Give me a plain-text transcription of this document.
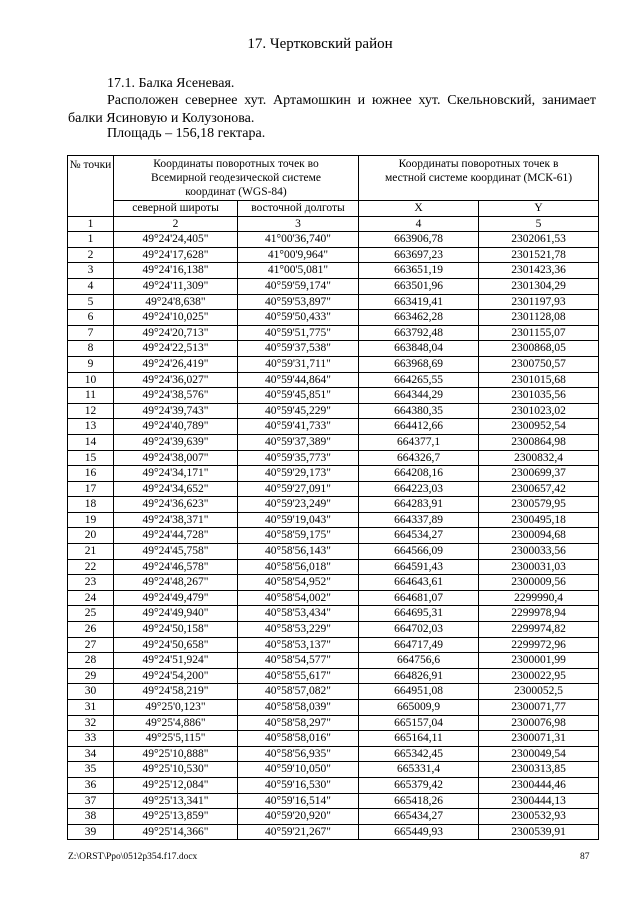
17. Чертковский район
17.1. Балка Ясеневая.
Расположен севернее хут. Артамошкин и южнее хут. Скельновский, занимает балки Ясиновую и Колузонова.
Площадь – 156,18 гектара.
№ точки	Координаты поворотных точек во Всемирной геодезической системе координат (WGS-84)		Координаты поворотных точек в местной системе координат (МСК-61)	
	северной широты	восточной долготы	X	Y
1	2	3	4	5
1	49°24'24,405"	41°00'36,740"	663906,78	2302061,53
2	49°24'17,628"	41°00'9,964"	663697,23	2301521,78
3	49°24'16,138"	41°00'5,081"	663651,19	2301423,36
4	49°24'11,309"	40°59'59,174"	663501,96	2301304,29
5	49°24'8,638"	40°59'53,897"	663419,41	2301197,93
6	49°24'10,025"	40°59'50,433"	663462,28	2301128,08
7	49°24'20,713"	40°59'51,775"	663792,48	2301155,07
8	49°24'22,513"	40°59'37,538"	663848,04	2300868,05
9	49°24'26,419"	40°59'31,711"	663968,69	2300750,57
10	49°24'36,027"	40°59'44,864"	664265,55	2301015,68
11	49°24'38,576"	40°59'45,851"	664344,29	2301035,56
12	49°24'39,743"	40°59'45,229"	664380,35	2301023,02
13	49°24'40,789"	40°59'41,733"	664412,66	2300952,54
14	49°24'39,639"	40°59'37,389"	664377,1	2300864,98
15	49°24'38,007"	40°59'35,773"	664326,7	2300832,4
16	49°24'34,171"	40°59'29,173"	664208,16	2300699,37
17	49°24'34,652"	40°59'27,091"	664223,03	2300657,42
18	49°24'36,623"	40°59'23,249"	664283,91	2300579,95
19	49°24'38,371"	40°59'19,043"	664337,89	2300495,18
20	49°24'44,728"	40°58'59,175"	664534,27	2300094,68
21	49°24'45,758"	40°58'56,143"	664566,09	2300033,56
22	49°24'46,578"	40°58'56,018"	664591,43	2300031,03
23	49°24'48,267"	40°58'54,952"	664643,61	2300009,56
24	49°24'49,479"	40°58'54,002"	664681,07	2299990,4
25	49°24'49,940"	40°58'53,434"	664695,31	2299978,94
26	49°24'50,158"	40°58'53,229"	664702,03	2299974,82
27	49°24'50,658"	40°58'53,137"	664717,49	2299972,96
28	49°24'51,924"	40°58'54,577"	664756,6	2300001,99
29	49°24'54,200"	40°58'55,617"	664826,91	2300022,95
30	49°24'58,219"	40°58'57,082"	664951,08	2300052,5
31	49°25'0,123"	40°58'58,039"	665009,9	2300071,77
32	49°25'4,886"	40°58'58,297"	665157,04	2300076,98
33	49°25'5,115"	40°58'58,016"	665164,11	2300071,31
34	49°25'10,888"	40°58'56,935"	665342,45	2300049,54
35	49°25'10,530"	40°59'10,050"	665331,4	2300313,85
36	49°25'12,084"	40°59'16,530"	665379,42	2300444,46
37	49°25'13,341"	40°59'16,514"	665418,26	2300444,13
38	49°25'13,859"	40°59'20,920"	665434,27	2300532,93
39	49°25'14,366"	40°59'21,267"	665449,93	2300539,91
Z:\ORST\Ppo\0512p354.f17.docx	87
